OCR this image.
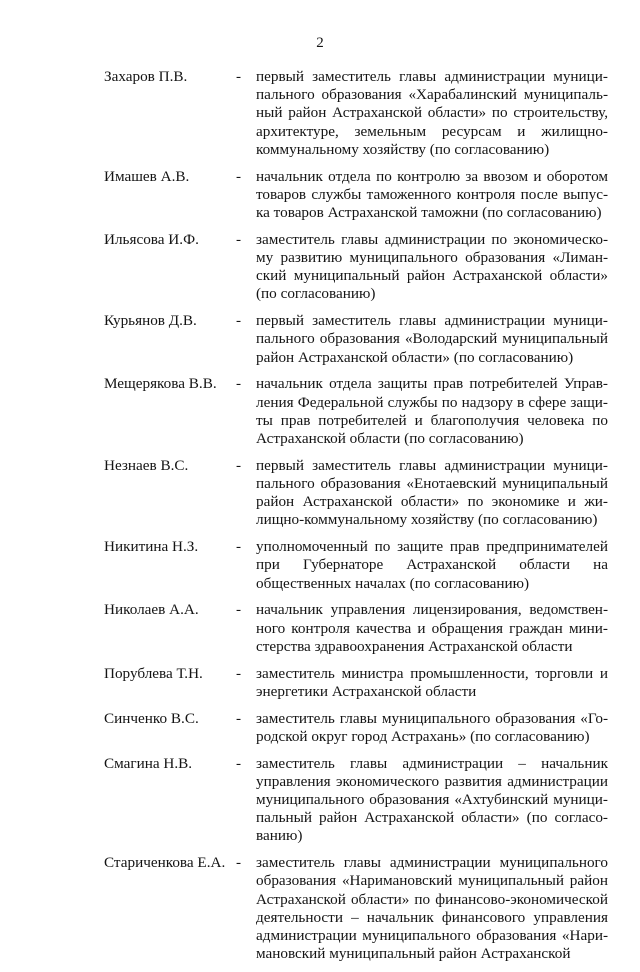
2
Захаров П.В.	- первый заместитель главы администрации муници-
пального образования «Харабалинский муниципаль-
ный район Астраханской области» по строительству,
архитектуре, земельным ресурсам и жилищно-
коммунальному хозяйству (по согласованию)
Имашев А.В.	- начальник отдела по контролю за ввозом и оборотом
товаров службы таможенного контроля после выпус-
ка товаров Астраханской таможни (по согласованию)
Ильясова И.Ф.	- заместитель главы администрации по экономическо-
му развитию муниципального образования «Лиман-
ский муниципальный район Астраханской области»
(по согласованию)
Курьянов Д.В.	- первый заместитель главы администрации муници-
пального образования «Володарский муниципальный
район Астраханской области» (по согласованию)
Мещерякова В.В.	- начальник отдела защиты прав потребителей Управ-
ления Федеральной службы по надзору в сфере защи-
ты прав потребителей и благополучия человека по
Астраханской области (по согласованию)
Незнаев В.С.	- первый заместитель главы администрации муници-
пального образования «Енотаевский муниципальный
район Астраханской области» по экономике и жи-
лищно-коммунальному хозяйству (по согласованию)
Никитина Н.З.	- уполномоченный по защите прав предпринимателей
при Губернаторе Астраханской области на
общественных началах (по согласованию)
Николаев А.А.	- начальник управления лицензирования, ведомствен-
ного контроля качества и обращения граждан мини-
стерства здравоохранения Астраханской области
Порублева Т.Н.	- заместитель министра промышленности, торговли и
энергетики Астраханской области
Синченко В.С.	- заместитель главы муниципального образования «Го-
родской округ город Астрахань» (по согласованию)
Смагина Н.В.	- заместитель главы администрации – начальник
управления экономического развития администрации
муниципального образования «Ахтубинский муници-
пальный район Астраханской области» (по согласо-
ванию)
Стариченкова Е.А. - заместитель главы администрации муниципального
образования «Наримановский муниципальный район
Астраханской области» по финансово-экономической
деятельности – начальник финансового управления
администрации муниципального образования «Нари-
мановский муниципальный район Астраханской
